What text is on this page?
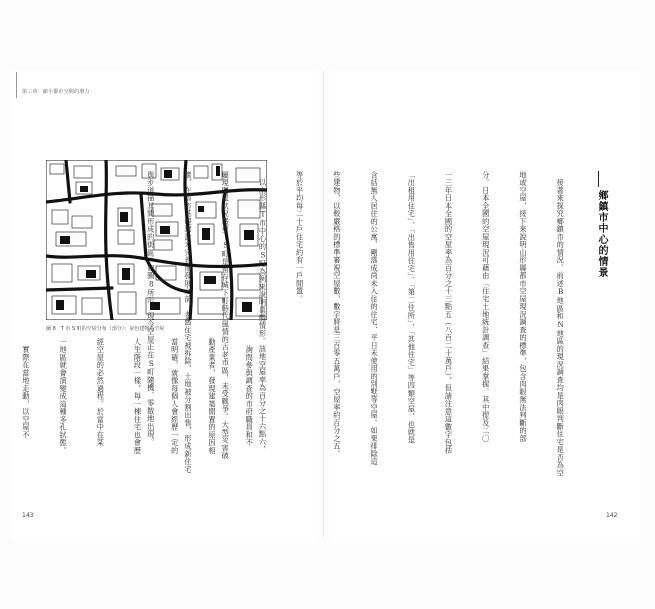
第三章　縮小都市空間的潛力
圖 8　T 市 S 町的空屋分布（部分）：灰色建物為空屋
鄉鎮市中心的情景

　接著來探究鄉鎮市的情況。前述B地區和N地區的現況調查均是肉眼判斷住宅是否為空

地或空屋，接下來說明山形縣都市空屋現況調查的標準，包含肉眼無法判斷的部

分。日本全國的空屋現況可藉由「住宅土地統計調查」結果掌握。其中提及二〇

一三年日本全國的空屋率為百分之十三點五（八百二十萬戶），但請注意這數字包括

「出租用住宅」、「出售用住宅」、「第二住所」、「其他住宅」等四類空屋，也就是

含括無人居住的公寓、剛落成尚未入住的住宅、平日未使用的別墅等空屋。如果排除這

些建物，以較嚴格的標準審視空屋數，數字將是三百零五萬戶，空屋率約百分之五。

等於平均每二十戶住宅約有一戶閒置。

　以山形縣T市中心的S町為例來說明具體情形。該地空屋率為百分之十六點六，

屬現閒置狀況嚴重。S町是留存城下町時代風情的古老市區，未受戰爭、大型災害破

壞，在都市基礎建設未完善而發展之前，老舊住宅被拆除，土地被分割出售，形成新住宅

與步道描其間形成的街區。如圖8所示，現今空屋正在S町隨機、零散地出現。

	　詢問參與調查的市府職員和不

動產業者，發現建築閒置的原因相

當明確，就像每個人會經歷一定的

人生階段一樣，每一棟住宅也會歷

經空屋的必然過程。於當中在某

一地區就會演變成這種多孔狀態。

　實際在當地走動，以空屋不

143	142
